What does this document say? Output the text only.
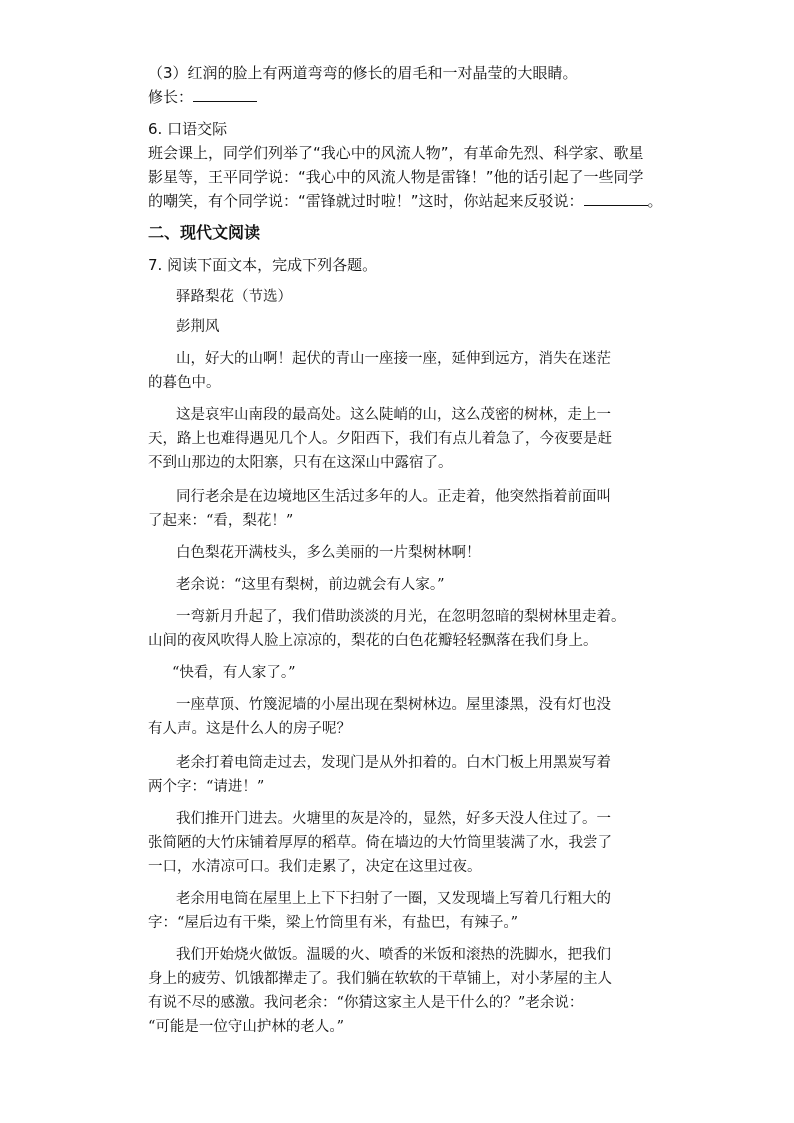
（3）红润的脸上有两道弯弯的修长的眉毛和一对晶莹的大眼睛。
修长：
6. 口语交际
班会课上，同学们列举了“我心中的风流人物”，有革命先烈、科学家、歌星
影星等，王平同学说：“我心中的风流人物是雷锋！”他的话引起了一些同学
的嘲笑，有个同学说：“雷锋就过时啦！”这时，你站起来反驳说：	。
二、现代文阅读
7. 阅读下面文本，完成下列各题。
驿路梨花（节选）
彭荆风
山，好大的山啊！起伏的青山一座接一座，延伸到远方，消失在迷茫
的暮色中。
这是哀牢山南段的最高处。这么陡峭的山，这么茂密的树林，走上一
天，路上也难得遇见几个人。夕阳西下，我们有点儿着急了，今夜要是赶
不到山那边的太阳寨，只有在这深山中露宿了。
同行老余是在边境地区生活过多年的人。正走着，他突然指着前面叫
了起来：“看，梨花！”
白色梨花开满枝头，多么美丽的一片梨树林啊！
老余说：“这里有梨树，前边就会有人家。”
一弯新月升起了，我们借助淡淡的月光，在忽明忽暗的梨树林里走着。
山间的夜风吹得人脸上凉凉的，梨花的白色花瓣轻轻飘落在我们身上。
“快看，有人家了。”
一座草顶、竹篾泥墙的小屋出现在梨树林边。屋里漆黑，没有灯也没
有人声。这是什么人的房子呢？
老余打着电筒走过去，发现门是从外扣着的。白木门板上用黑炭写着
两个字：“请进！”
我们推开门进去。火塘里的灰是冷的，显然，好多天没人住过了。一
张简陋的大竹床铺着厚厚的稻草。倚在墙边的大竹筒里装满了水，我尝了
一口，水清凉可口。我们走累了，决定在这里过夜。
老余用电筒在屋里上上下下扫射了一圈，又发现墙上写着几行粗大的
字：“屋后边有干柴，梁上竹筒里有米，有盐巴，有辣子。”
我们开始烧火做饭。温暖的火、喷香的米饭和滚热的洗脚水，把我们
身上的疲劳、饥饿都撵走了。我们躺在软软的干草铺上，对小茅屋的主人
有说不尽的感激。我问老余：“你猜这家主人是干什么的？”老余说：
“可能是一位守山护林的老人。”
